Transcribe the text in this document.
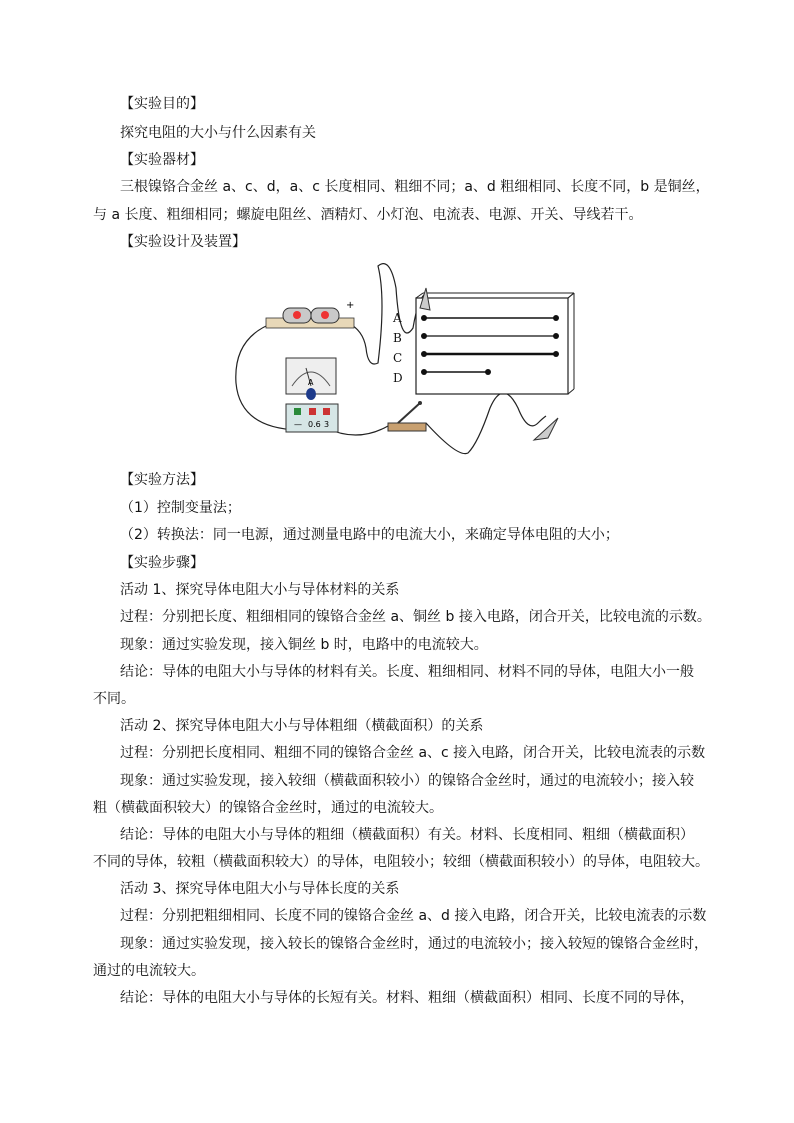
【实验目的】
探究电阻的大小与什么因素有关
【实验器材】
三根镍铬合金丝 a、c、d，a、c 长度相同、粗细不同；a、d 粗细相同、长度不同，b 是铜丝，
与 a 长度、粗细相同；螺旋电阻丝、酒精灯、小灯泡、电流表、电源、开关、导线若干。
【实验设计及装置】
+
A
— 0.6 3
A
B
C
D
【实验方法】
（1）控制变量法；
（2）转换法：同一电源，通过测量电路中的电流大小，来确定导体电阻的大小；
【实验步骤】
活动 1、探究导体电阻大小与导体材料的关系
过程：分别把长度、粗细相同的镍铬合金丝 a、铜丝 b 接入电路，闭合开关，比较电流的示数。
现象：通过实验发现，接入铜丝 b 时，电路中的电流较大。
结论：导体的电阻大小与导体的材料有关。长度、粗细相同、材料不同的导体，电阻大小一般
不同。
活动 2、探究导体电阻大小与导体粗细（横截面积）的关系
过程：分别把长度相同、粗细不同的镍铬合金丝 a、c 接入电路，闭合开关，比较电流表的示数
现象：通过实验发现，接入较细（横截面积较小）的镍铬合金丝时，通过的电流较小；接入较
粗（横截面积较大）的镍铬合金丝时，通过的电流较大。
结论：导体的电阻大小与导体的粗细（横截面积）有关。材料、长度相同、粗细（横截面积）
不同的导体，较粗（横截面积较大）的导体，电阻较小；较细（横截面积较小）的导体，电阻较大。
活动 3、探究导体电阻大小与导体长度的关系
过程：分别把粗细相同、长度不同的镍铬合金丝 a、d 接入电路，闭合开关，比较电流表的示数
现象：通过实验发现，接入较长的镍铬合金丝时，通过的电流较小；接入较短的镍铬合金丝时，
通过的电流较大。
结论：导体的电阻大小与导体的长短有关。材料、粗细（横截面积）相同、长度不同的导体，
